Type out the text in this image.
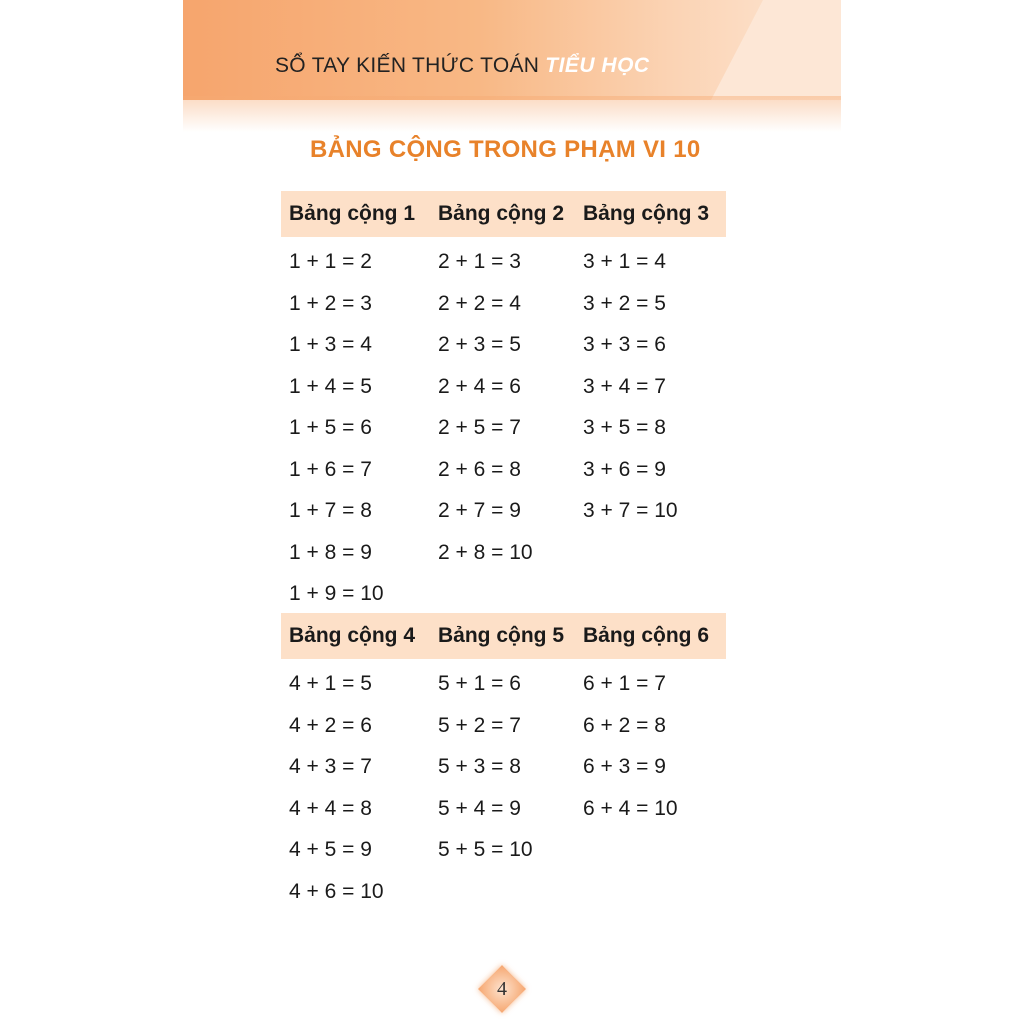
SỔ TAY KIẾN THỨC TOÁN TIỂU HỌC
BẢNG CỘNG TRONG PHẠM VI 10
Bảng cộng 1	Bảng cộng 2 Bảng cộng 3
1 + 1 = 2
1 + 2 = 3
1 + 3 = 4
1 + 4 = 5
1 + 5 = 6
1 + 6 = 7
1 + 7 = 8
1 + 8 = 9
1 + 9 = 10
2 + 1 = 3
2 + 2 = 4
2 + 3 = 5
2 + 4 = 6
2 + 5 = 7
2 + 6 = 8
2 + 7 = 9
2 + 8 = 10
3 + 1 = 4
3 + 2 = 5
3 + 3 = 6
3 + 4 = 7
3 + 5 = 8
3 + 6 = 9
3 + 7 = 10
Bảng cộng 4	Bảng cộng 5 Bảng cộng 6
4 + 1 = 5
4 + 2 = 6
4 + 3 = 7
4 + 4 = 8
4 + 5 = 9
4 + 6 = 10
5 + 1 = 6
5 + 2 = 7
5 + 3 = 8
5 + 4 = 9
5 + 5 = 10
6 + 1 = 7
6 + 2 = 8
6 + 3 = 9
6 + 4 = 10
4
